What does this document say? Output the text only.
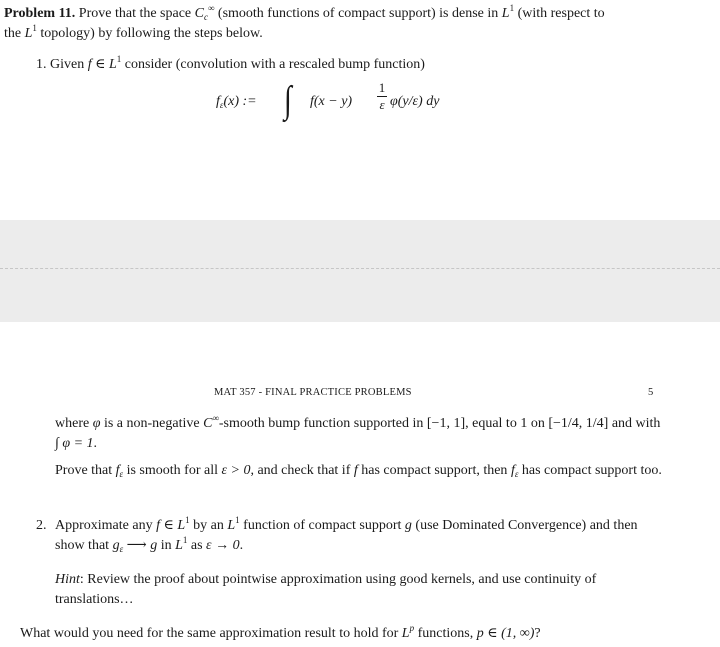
Problem 11. Prove that the space $C_c^\infty$ (smooth functions of compact support) is dense in $L^1$ (with respect to the $L^1$ topology) by following the steps below.
1. Given f ∈ $L^1$ consider (convolution with a rescaled bump function)
$f_\varepsilon(x)$ := ∫ f(x − y)
1
ε φ(y/ε) dy
MAT 357 - FINAL PRACTICE PROBLEMS	5
where φ is a non-negative C∞-smooth bump function supported in [−1, 1], equal to 1 on [−1/4, 1/4] and with ∫ φ = 1.
Prove that $f_\varepsilon$ is smooth for all ε > 0, and check that if f has compact support, then $f_\varepsilon$ has compact support too.
2. Approximate any f ∈ $L^1$ by an $L^1$ function of compact support g (use Dominated Convergence) and then show that $g_\varepsilon$ ⟶ g in $L^1$ as ε → 0.
Hint: Review the proof about pointwise approximation using good kernels, and use continuity of translations…
What would you need for the same approximation result to hold for $L^p$ functions, p ∈ (1, ∞)?
